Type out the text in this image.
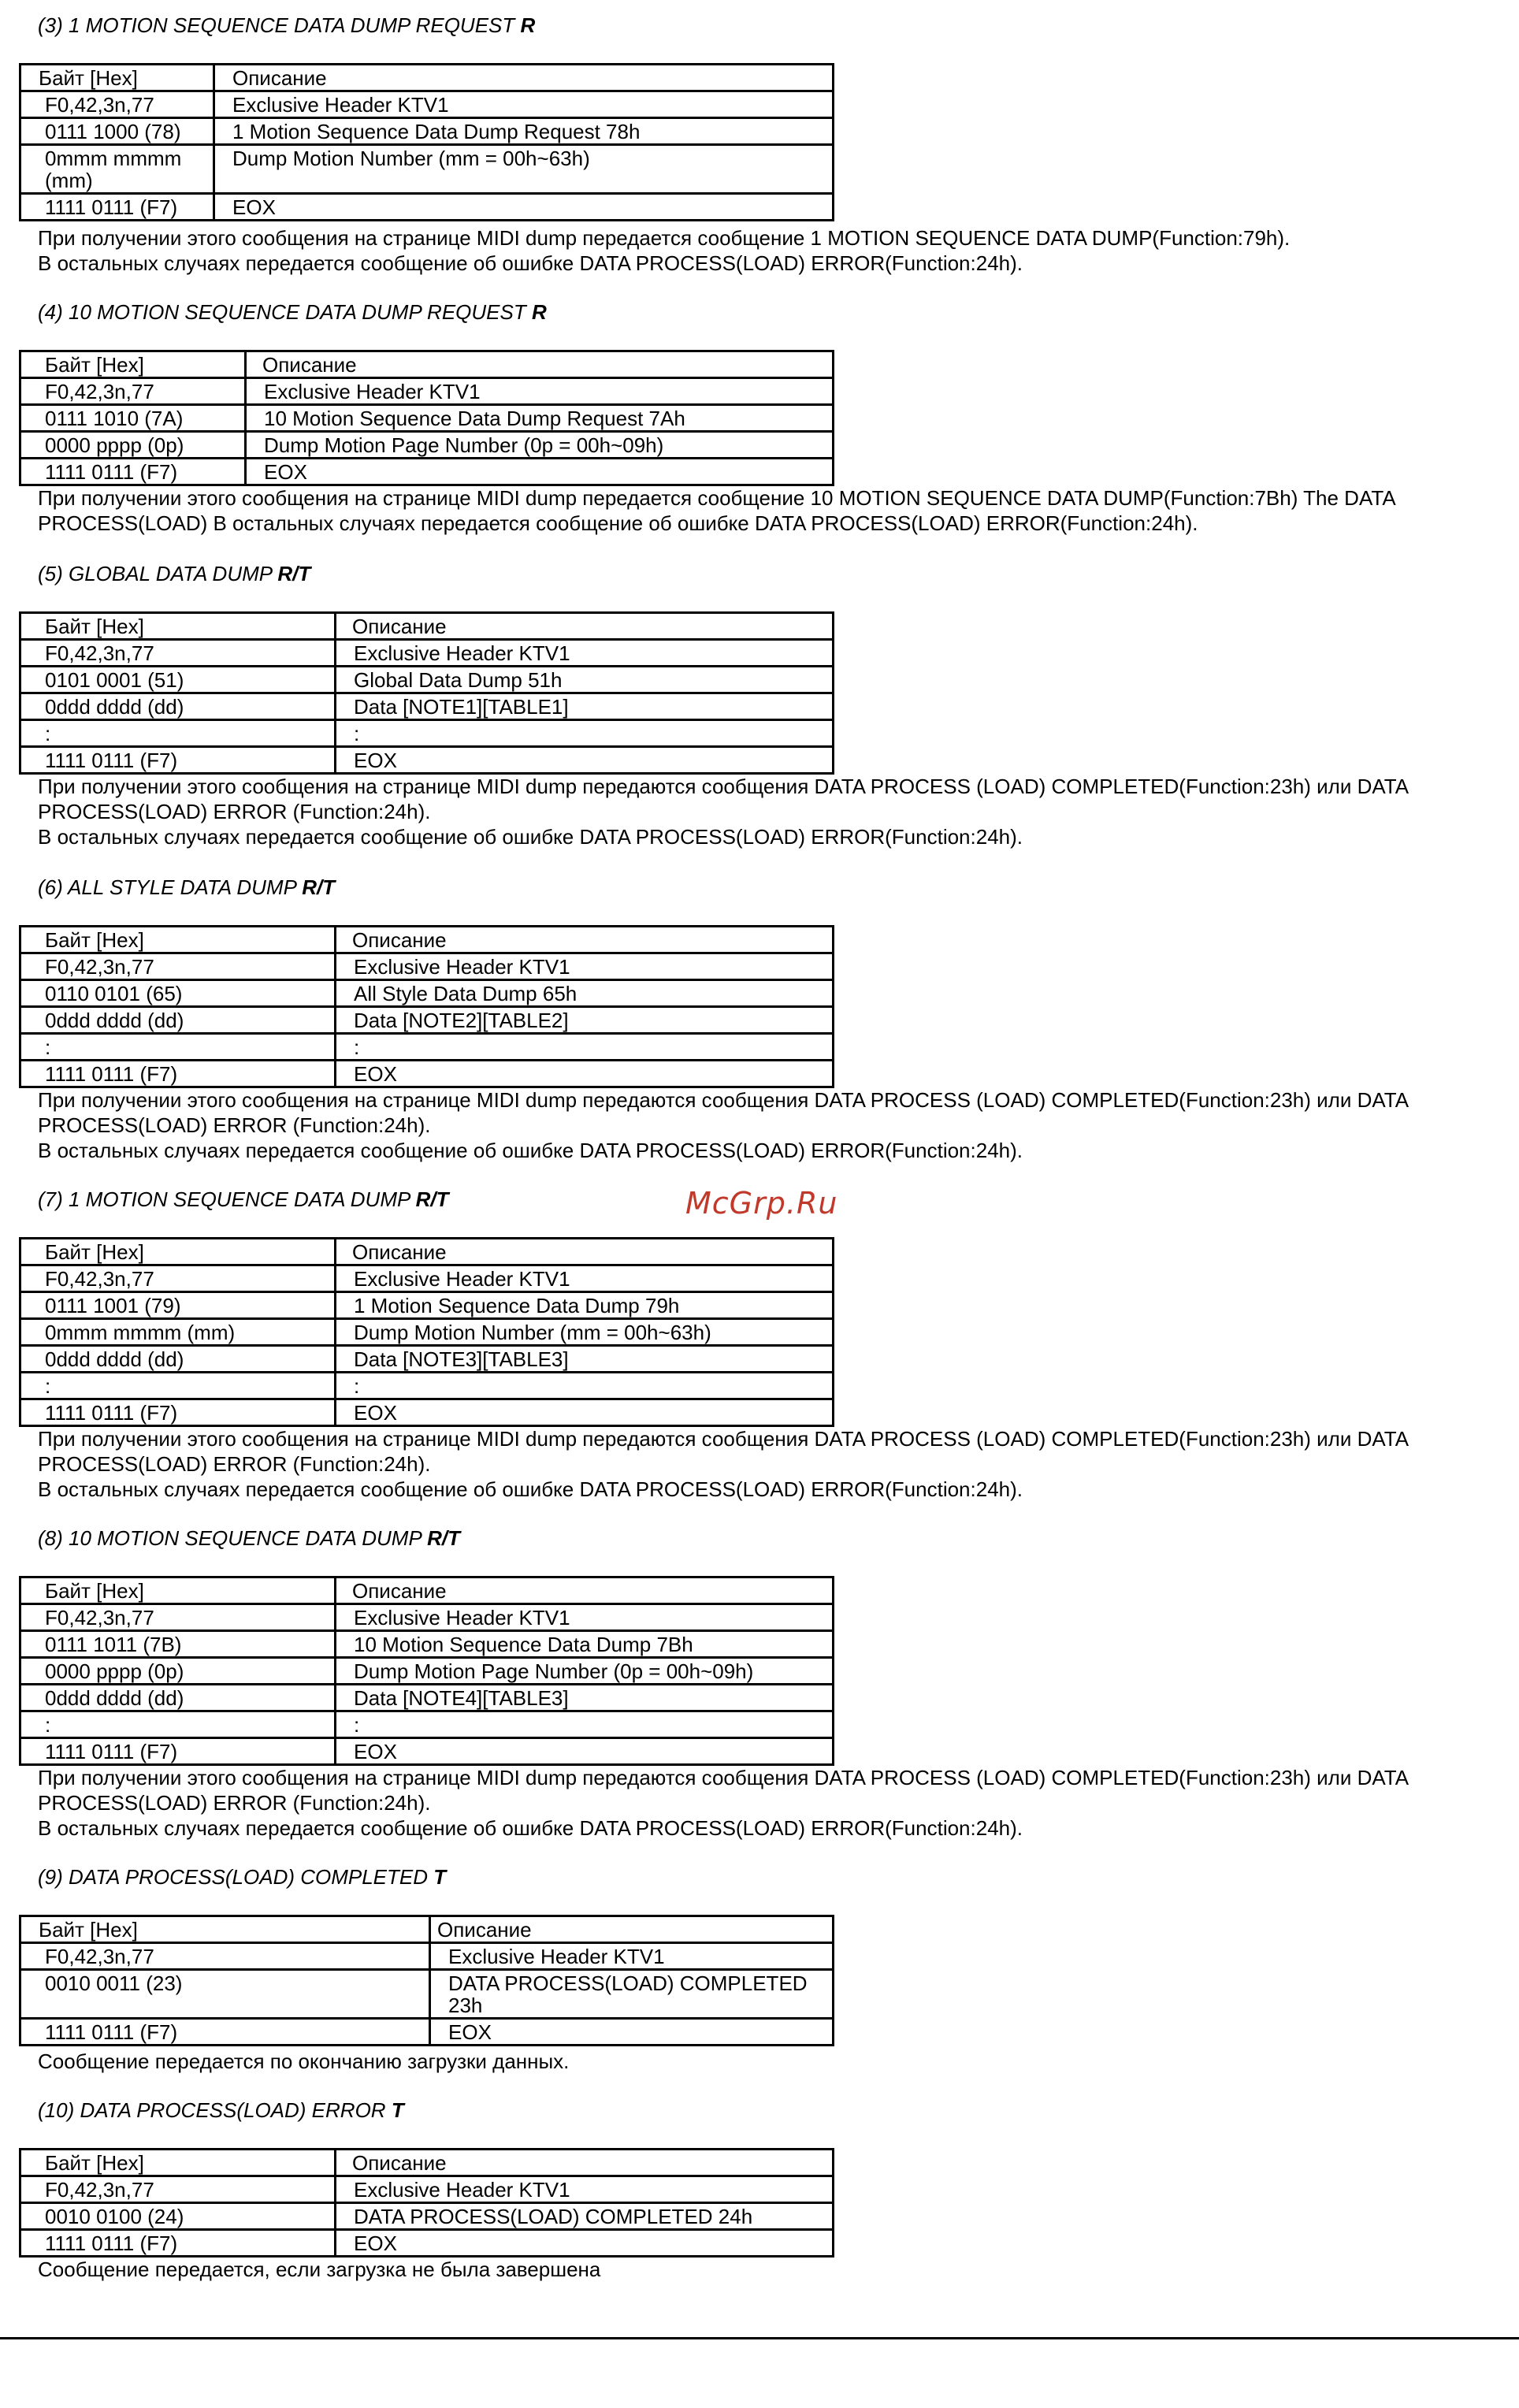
(3) 1 MOTION SEQUENCE DATA DUMP REQUEST R
Байт [Hex]	Описание
F0,42,3n,77	Exclusive Header KTV1
0111 1000 (78)	1 Motion Sequence Data Dump Request 78h
0mmm mmmm (mm)	Dump Motion Number (mm = 00h~63h)
1111 0111 (F7)	EOX
При получении этого сообщения на странице MIDI dump передается сообщение 1 MOTION SEQUENCE DATA DUMP(Function:79h).
В остальных случаях передается сообщение об ошибке DATA PROCESS(LOAD) ERROR(Function:24h).
(4) 10 MOTION SEQUENCE DATA DUMP REQUEST R
Байт [Hex]	Описание
F0,42,3n,77	Exclusive Header KTV1
0111 1010 (7A)	10 Motion Sequence Data Dump Request 7Ah
0000 pppp (0p)	Dump Motion Page Number (0p = 00h~09h)
1111 0111 (F7)	EOX
При получении этого сообщения на странице MIDI dump передается сообщение 10 MOTION SEQUENCE DATA DUMP(Function:7Bh) The DATA
PROCESS(LOAD) В остальных случаях передается сообщение об ошибке DATA PROCESS(LOAD) ERROR(Function:24h).
(5) GLOBAL DATA DUMP R/T
Байт [Hex]	Описание
F0,42,3n,77	Exclusive Header KTV1
0101 0001 (51)	Global Data Dump 51h
0ddd dddd (dd)	Data [NOTE1][TABLE1]
:	:
1111 0111 (F7)	EOX
При получении этого сообщения на странице MIDI dump передаются сообщения DATA PROCESS (LOAD) COMPLETED(Function:23h) или DATA
PROCESS(LOAD) ERROR (Function:24h).
В остальных случаях передается сообщение об ошибке DATA PROCESS(LOAD) ERROR(Function:24h).
(6) ALL STYLE DATA DUMP R/T
Байт [Hex]	Описание
F0,42,3n,77	Exclusive Header KTV1
0110 0101 (65)	All Style Data Dump 65h
0ddd dddd (dd)	Data [NOTE2][TABLE2]
:	:
1111 0111 (F7)	EOX
При получении этого сообщения на странице MIDI dump передаются сообщения DATA PROCESS (LOAD) COMPLETED(Function:23h) или DATA
PROCESS(LOAD) ERROR (Function:24h).
В остальных случаях передается сообщение об ошибке DATA PROCESS(LOAD) ERROR(Function:24h).
McGrp.Ru
(7) 1 MOTION SEQUENCE DATA DUMP R/T
Байт [Hex]	Описание
F0,42,3n,77	Exclusive Header KTV1
0111 1001 (79)	1 Motion Sequence Data Dump 79h
0mmm mmmm (mm)	Dump Motion Number (mm = 00h~63h)
0ddd dddd (dd)	Data [NOTE3][TABLE3]
:	:
1111 0111 (F7)	EOX
При получении этого сообщения на странице MIDI dump передаются сообщения DATA PROCESS (LOAD) COMPLETED(Function:23h) или DATA
PROCESS(LOAD) ERROR (Function:24h).
В остальных случаях передается сообщение об ошибке DATA PROCESS(LOAD) ERROR(Function:24h).
(8) 10 MOTION SEQUENCE DATA DUMP R/T
Байт [Hex]	Описание
F0,42,3n,77	Exclusive Header KTV1
0111 1011 (7B)	10 Motion Sequence Data Dump 7Bh
0000 pppp (0p)	Dump Motion Page Number (0p = 00h~09h)
0ddd dddd (dd)	Data [NOTE4][TABLE3]
:	:
1111 0111 (F7)	EOX
При получении этого сообщения на странице MIDI dump передаются сообщения DATA PROCESS (LOAD) COMPLETED(Function:23h) или DATA
PROCESS(LOAD) ERROR (Function:24h).
В остальных случаях передается сообщение об ошибке DATA PROCESS(LOAD) ERROR(Function:24h).
(9) DATA PROCESS(LOAD) COMPLETED T
Байт [Hex]	Описание
F0,42,3n,77	Exclusive Header KTV1
0010 0011 (23)	DATA PROCESS(LOAD) COMPLETED 23h
1111 0111 (F7)	EOX
Сообщение передается по окончанию загрузки данных.
(10) DATA PROCESS(LOAD) ERROR T
Байт [Hex]	Описание
F0,42,3n,77	Exclusive Header KTV1
0010 0100 (24)	DATA PROCESS(LOAD) COMPLETED 24h
1111 0111 (F7)	EOX
Сообщение передается, если загрузка не была завершена
